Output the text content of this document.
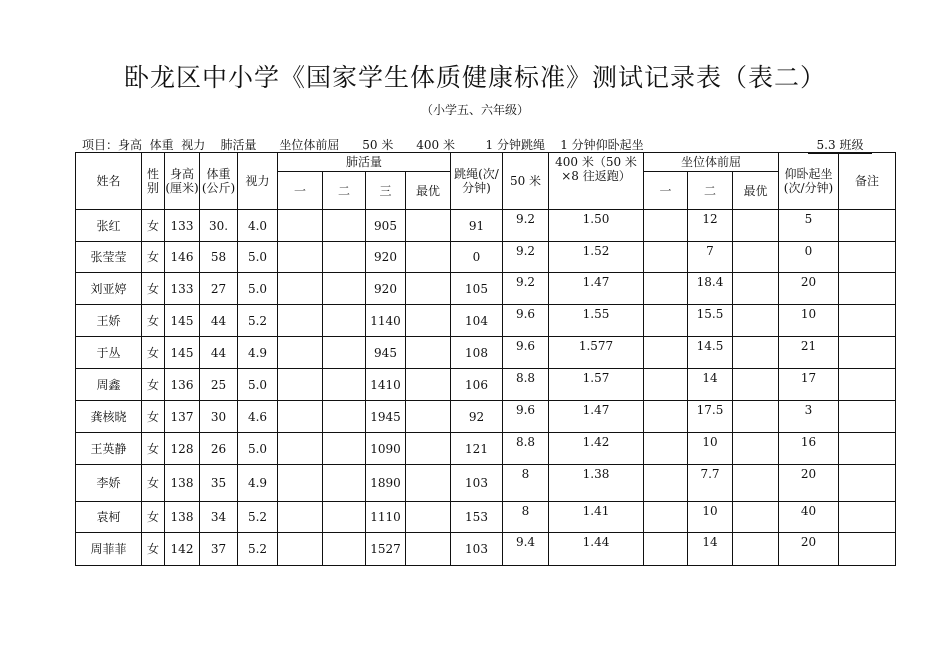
卧龙区中小学《国家学生体质健康标准》测试记录表（表二）
（小学五、六年级）
项目：身高  体重  视力    肺活量      坐位体前屈      50 米      400 米        1 分钟跳绳    1 分钟仰卧起坐	5.3 班级
姓名	性别	身高(厘米)	体重(公斤)	视力	肺活量				跳绳(次/分钟)	50 米	400 米（50 米×8 往返跑）	坐位体前屈			仰卧起坐(次/分钟)	备注
					一	二	三	最优				一	二	最优		
张红	女	133	30.	4.0			905		91	9.2	1.50		12		5	
张莹莹	女	146	58	5.0			920		0	9.2	1.52		7		0	
刘亚婷	女	133	27	5.0			920		105	9.2	1.47		18.4		20	
王娇	女	145	44	5.2			1140		104	9.6	1.55		15.5		10	
于丛	女	145	44	4.9			945		108	9.6	1.577		14.5		21	
周鑫	女	136	25	5.0			1410		106	8.8	1.57		14		17	
龚核晓	女	137	30	4.6			1945		92	9.6	1.47		17.5		3	
王英静	女	128	26	5.0			1090		121	8.8	1.42		10		16	
李娇	女	138	35	4.9			1890		103	8	1.38		7.7		20	
袁柯	女	138	34	5.2			1110		153	8	1.41		10		40	
周菲菲	女	142	37	5.2			1527		103	9.4	1.44		14		20	
